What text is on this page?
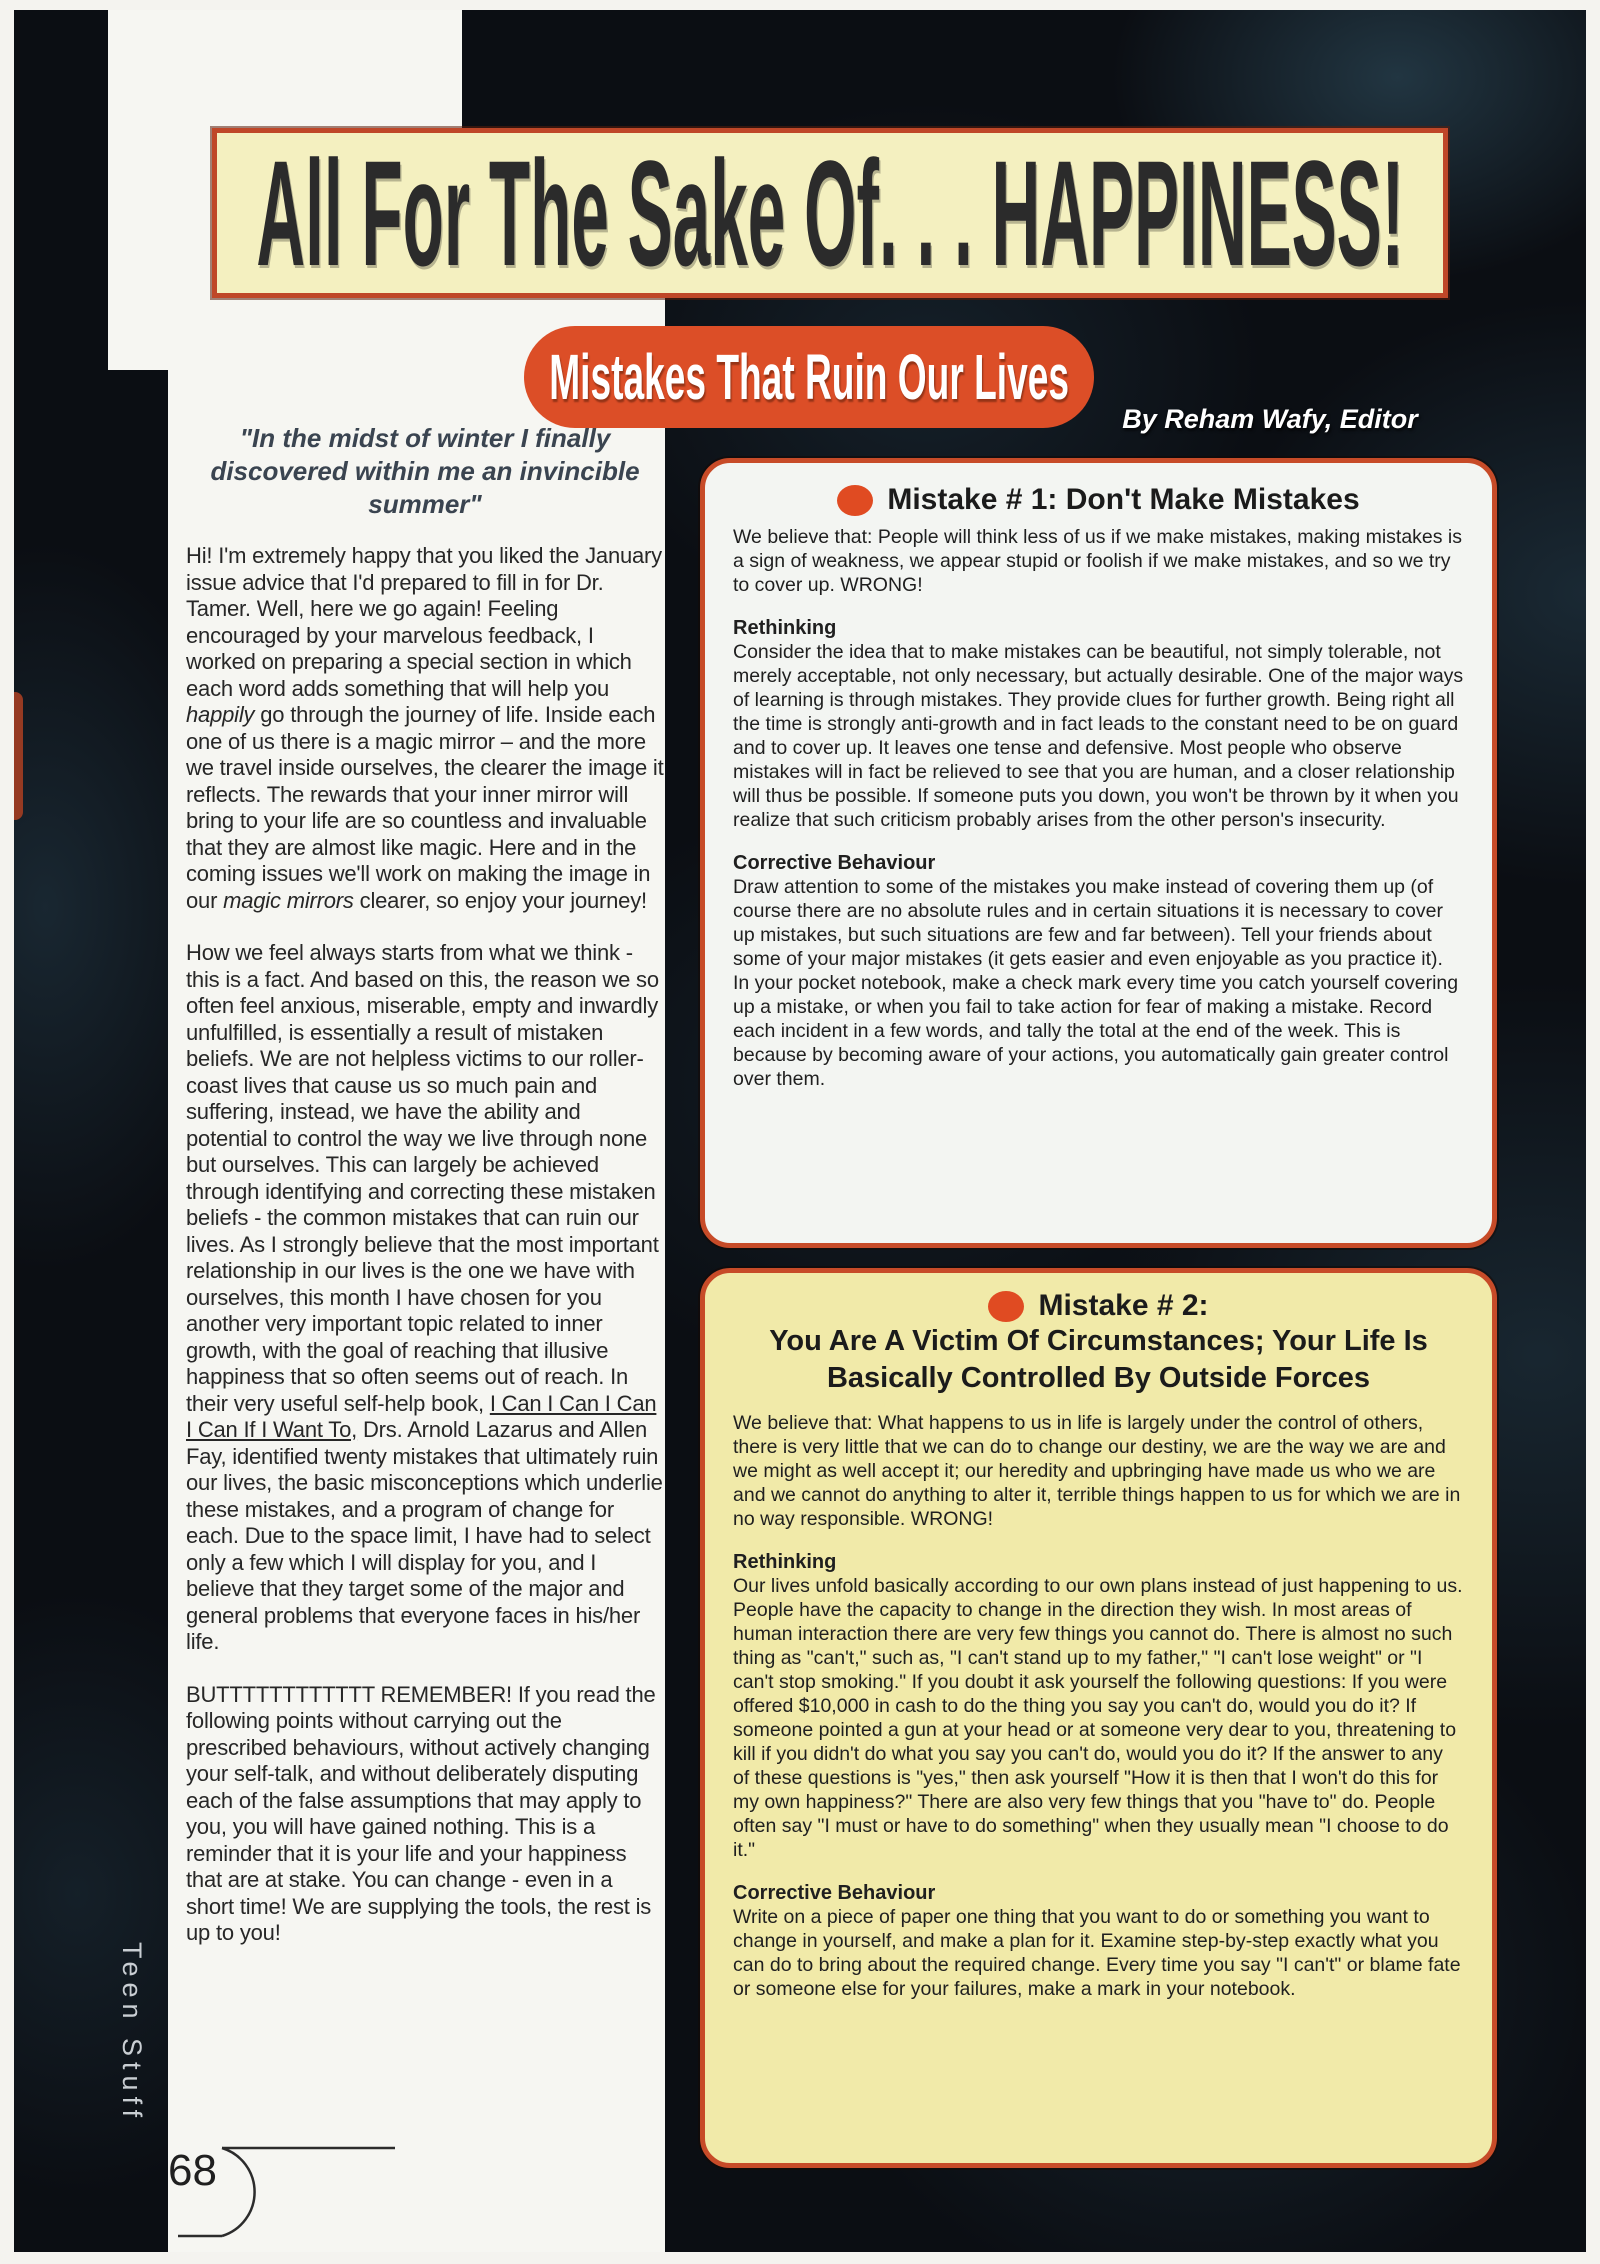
All For The Sake Of. . . HAPPINESS!
Mistakes That Ruin Our Lives
By Reham Wafy, Editor
"In the midst of winter I finally discovered within me an invincible summer"
Hi! I'm extremely happy that you liked the January issue advice that I'd prepared to fill in for Dr. Tamer. Well, here we go again! Feeling encouraged by your marvelous feedback, I worked on preparing a special section in which each word adds something that will help you happily go through the journey of life. Inside each one of us there is a magic mirror – and the more we travel inside ourselves, the clearer the image it reflects. The rewards that your inner mirror will bring to your life are so countless and invaluable that they are almost like magic. Here and in the coming issues we'll work on making the image in our magic mirrors clearer, so enjoy your journey!
How we feel always starts from what we think - this is a fact. And based on this, the reason we so often feel anxious, miserable, empty and inwardly unfulfilled, is essentially a result of mistaken beliefs. We are not helpless victims to our roller-coast lives that cause us so much pain and suffering, instead, we have the ability and potential to control the way we live through none but ourselves. This can largely be achieved through identifying and correcting these mistaken beliefs - the common mistakes that can ruin our lives. As I strongly believe that the most important relationship in our lives is the one we have with ourselves, this month I have chosen for you another very important topic related to inner growth, with the goal of reaching that illusive happiness that so often seems out of reach. In their very useful self-help book, I Can I Can I Can I Can If I Want To, Drs. Arnold Lazarus and Allen Fay, identified twenty mistakes that ultimately ruin our lives, the basic misconceptions which underlie these mistakes, and a program of change for each. Due to the space limit, I have had to select only a few which I will display for you, and I believe that they target some of the major and general problems that everyone faces in his/her life.
BUTTTTTTTTTTTT REMEMBER! If you read the following points without carrying out the prescribed behaviours, without actively changing your self-talk, and without deliberately disputing each of the false assumptions that may apply to you, you will have gained nothing. This is a reminder that it is your life and your happiness that are at stake. You can change - even in a short time! We are supplying the tools, the rest is up to you!
Mistake # 1: Don't Make Mistakes
We believe that: People will think less of us if we make mistakes, making mistakes is a sign of weakness, we appear stupid or foolish if we make mistakes, and so we try to cover up. WRONG!
Rethinking
Consider the idea that to make mistakes can be beautiful, not simply tolerable, not merely acceptable, not only necessary, but actually desirable. One of the major ways of learning is through mistakes. They provide clues for further growth. Being right all the time is strongly anti-growth and in fact leads to the constant need to be on guard and to cover up. It leaves one tense and defensive. Most people who observe mistakes will in fact be relieved to see that you are human, and a closer relationship will thus be possible. If someone puts you down, you won't be thrown by it when you realize that such criticism probably arises from the other person's insecurity.
Corrective Behaviour
Draw attention to some of the mistakes you make instead of covering them up (of course there are no absolute rules and in certain situations it is necessary to cover up mistakes, but such situations are few and far between). Tell your friends about some of your major mistakes (it gets easier and even enjoyable as you practice it). In your pocket notebook, make a check mark every time you catch yourself covering up a mistake, or when you fail to take action for fear of making a mistake. Record each incident in a few words, and tally the total at the end of the week. This is because by becoming aware of your actions, you automatically gain greater control over them.
Mistake # 2:
You Are A Victim Of Circumstances; Your Life Is
Basically Controlled By Outside Forces
We believe that: What happens to us in life is largely under the control of others, there is very little that we can do to change our destiny, we are the way we are and we might as well accept it; our heredity and upbringing have made us who we are and we cannot do anything to alter it, terrible things happen to us for which we are in no way responsible. WRONG!
Rethinking
Our lives unfold basically according to our own plans instead of just happening to us. People have the capacity to change in the direction they wish. In most areas of human interaction there are very few things you cannot do. There is almost no such thing as "can't," such as, "I can't stand up to my father," "I can't lose weight" or "I can't stop smoking." If you doubt it ask yourself the following questions: If you were offered $10,000 in cash to do the thing you say you can't do, would you do it? If someone pointed a gun at your head or at someone very dear to you, threatening to kill if you didn't do what you say you can't do, would you do it? If the answer to any of these questions is "yes," then ask yourself "How it is then that I won't do this for my own happiness?" There are also very few things that you "have to" do. People often say "I must or have to do something" when they usually mean "I choose to do it."
Corrective Behaviour
Write on a piece of paper one thing that you want to do or something you want to change in yourself, and make a plan for it. Examine step-by-step exactly what you can do to bring about the required change. Every time you say "I can't" or blame fate or someone else for your failures, make a mark in your notebook.
Teen Stuff
68
